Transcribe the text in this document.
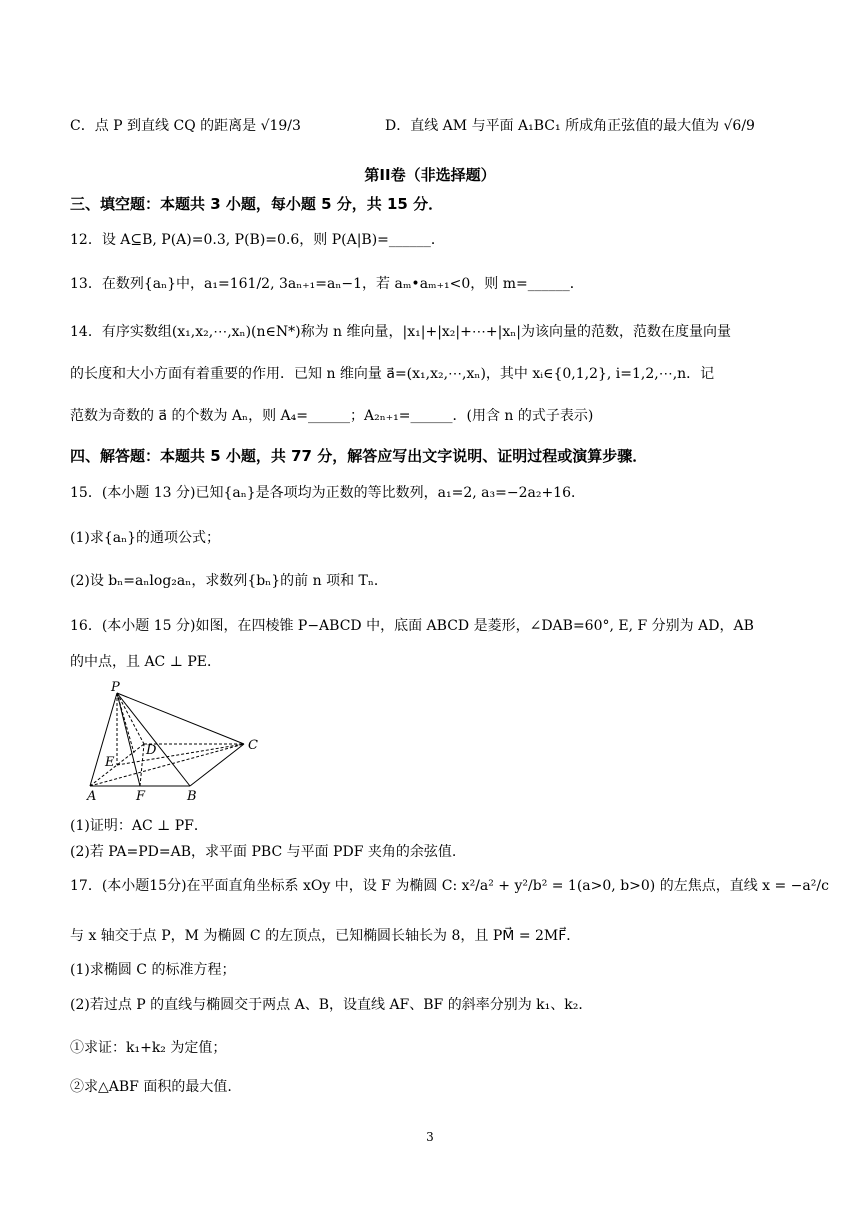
C．点 P 到直线 CQ 的距离是 √19/3	D．直线 AM 与平面 A₁BC₁ 所成角正弦值的最大值为 √6/9
第II卷（非选择题）
三、填空题：本题共 3 小题，每小题 5 分，共 15 分．
12．设 A⊆B, P(A)=0.3, P(B)=0.6，则 P(A|B)=______．
13．在数列{aₙ}中，a₁=161/2, 3aₙ₊₁=aₙ−1，若 aₘ•aₘ₊₁<0，则 m=______．
14．有序实数组(x₁,x₂,⋯,xₙ)(n∈N*)称为 n 维向量，|x₁|+|x₂|+⋯+|xₙ|为该向量的范数，范数在度量向量
的长度和大小方面有着重要的作用．已知 n 维向量 a⃗=(x₁,x₂,⋯,xₙ)，其中 xᵢ∈{0,1,2}, i=1,2,⋯,n．记
范数为奇数的 a⃗ 的个数为 Aₙ，则 A₄=______；A₂ₙ₊₁=______．(用含 n 的式子表示)
四、解答题：本题共 5 小题，共 77 分，解答应写出文字说明、证明过程或演算步骤．
15．(本小题 13 分)已知{aₙ}是各项均为正数的等比数列，a₁=2, a₃=−2a₂+16．
(1)求{aₙ}的通项公式；
(2)设 bₙ=aₙlog₂aₙ，求数列{bₙ}的前 n 项和 Tₙ．
16．(本小题 15 分)如图，在四棱锥 P−ABCD 中，底面 ABCD 是菱形，∠DAB=60°, E, F 分别为 AD，AB
的中点，且 AC ⊥ PE．
P
D	C
E
A	F	B
(1)证明：AC ⊥ PF．
(2)若 PA=PD=AB，求平面 PBC 与平面 PDF 夹角的余弦值.
17．(本小题15分)在平面直角坐标系 xOy 中，设 F 为椭圆 C: x²/a² + y²/b² = 1(a>0, b>0) 的左焦点，直线 x = −a²/c
与 x 轴交于点 P，M 为椭圆 C 的左顶点，已知椭圆长轴长为 8，且 PM⃗ = 2MF⃗．
(1)求椭圆 C 的标准方程；
(2)若过点 P 的直线与椭圆交于两点 A、B，设直线 AF、BF 的斜率分别为 k₁、k₂．
①求证：k₁+k₂ 为定值；
②求△ABF 面积的最大值.
3
